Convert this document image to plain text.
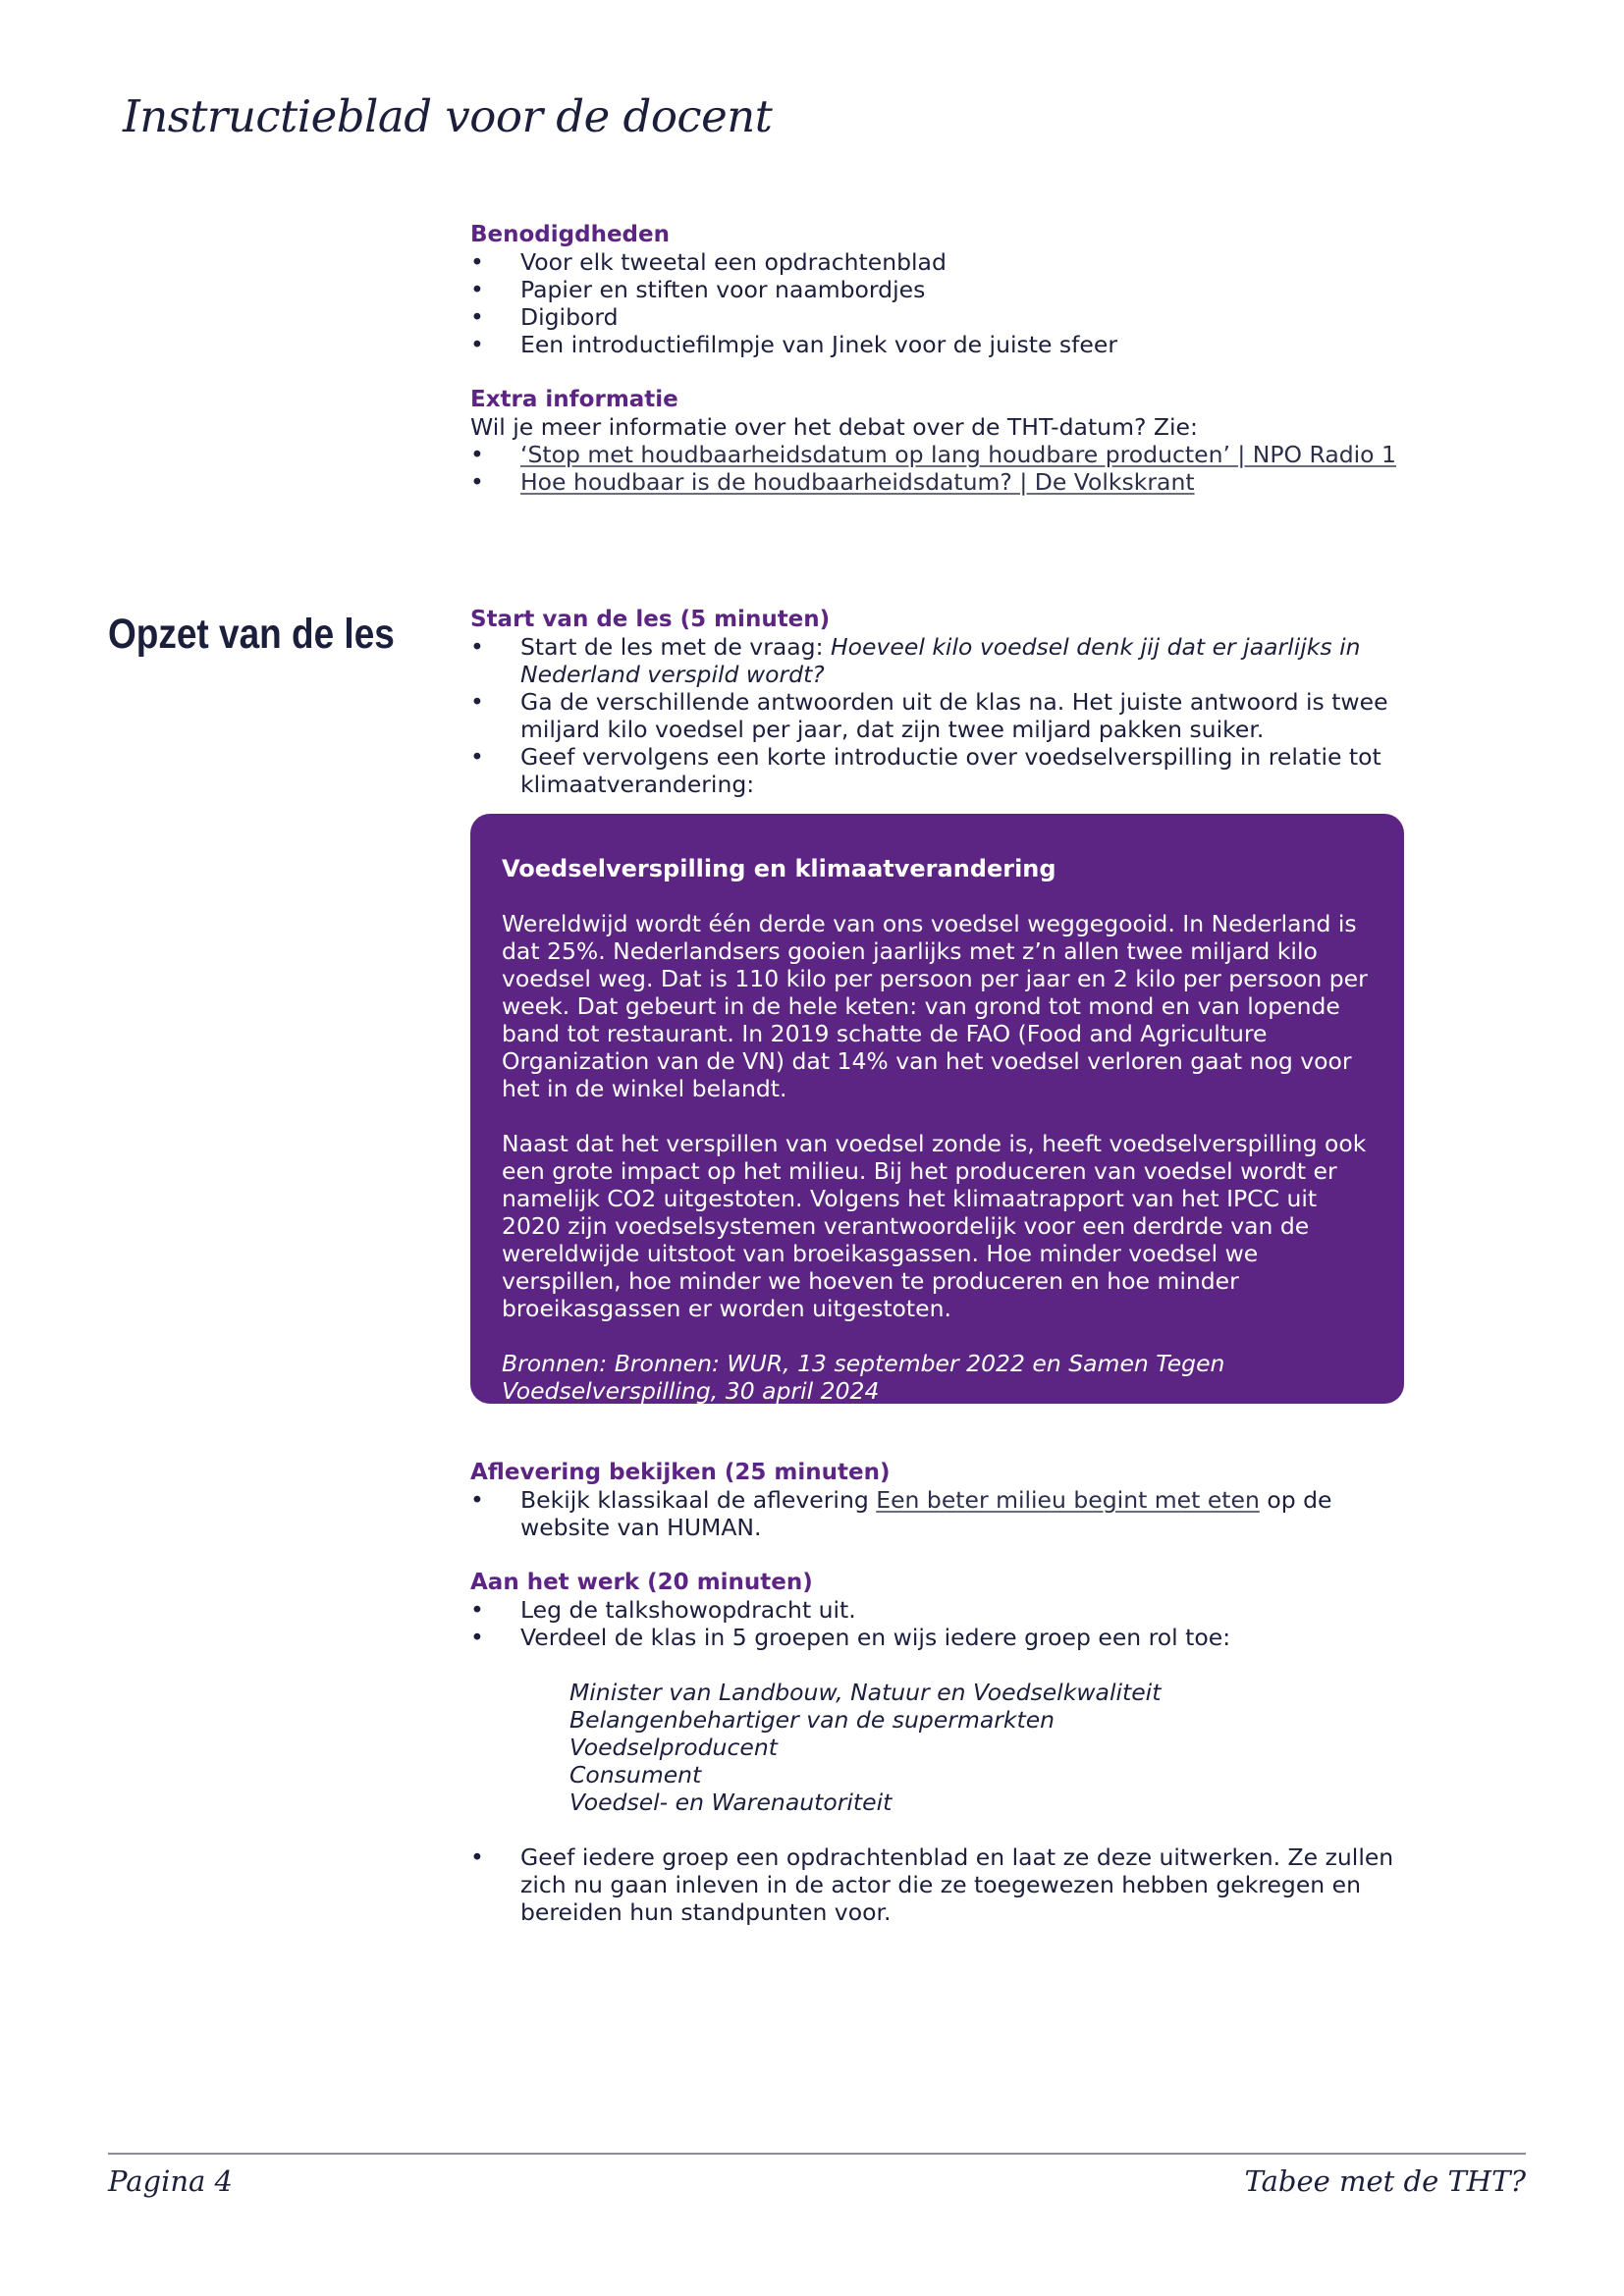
Instructieblad voor de docent
Benodigdheden
• Voor elk tweetal een opdrachtenblad
• Papier en stiften voor naambordjes
• Digibord
• Een introductiefilmpje van Jinek voor de juiste sfeer
Extra informatie
Wil je meer informatie over het debat over de THT-datum? Zie:
• ‘Stop met houdbaarheidsdatum op lang houdbare producten’ | NPO Radio 1
• Hoe houdbaar is de houdbaarheidsdatum? | De Volkskrant
Opzet van de les	Start van de les (5 minuten)
• Start de les met de vraag: Hoeveel kilo voedsel denk jij dat er jaarlijks in Nederland verspild wordt?
• Ga de verschillende antwoorden uit de klas na. Het juiste antwoord is twee miljard kilo voedsel per jaar, dat zijn twee miljard pakken suiker.
• Geef vervolgens een korte introductie over voedselverspilling in relatie tot klimaatverandering:
Voedselverspilling en klimaatverandering

Wereldwijd wordt één derde van ons voedsel weggegooid. In Nederland is dat 25%. Nederlandsers gooien jaarlijks met z’n allen twee miljard kilo voedsel weg. Dat is 110 kilo per persoon per jaar en 2 kilo per persoon per week. Dat gebeurt in de hele keten: van grond tot mond en van lopende band tot restaurant. In 2019 schatte de FAO (Food and Agriculture Organization van de VN) dat 14% van het voedsel verloren gaat nog voor het in de winkel belandt.

Naast dat het verspillen van voedsel zonde is, heeft voedselverspilling ook een grote impact op het milieu. Bij het produceren van voedsel wordt er namelijk CO2 uitgestoten. Volgens het klimaatrapport van het IPCC uit 2020 zijn voedselsystemen verantwoordelijk voor een derdrde van de wereldwijde uitstoot van broeikasgassen. Hoe minder voedsel we verspillen, hoe minder we hoeven te produceren en hoe minder broeikasgassen er worden uitgestoten.

Bronnen: Bronnen: WUR, 13 september 2022 en Samen Tegen Voedselverspilling, 30 april 2024

Aflevering bekijken (25 minuten)
• Bekijk klassikaal de aflevering Een beter milieu begint met eten op de website van HUMAN.
Aan het werk (20 minuten)
• Leg de talkshowopdracht uit.
• Verdeel de klas in 5 groepen en wijs iedere groep een rol toe:
Minister van Landbouw, Natuur en Voedselkwaliteit
Belangenbehartiger van de supermarkten
Voedselproducent
Consument
Voedsel- en Warenautoriteit
• Geef iedere groep een opdrachtenblad en laat ze deze uitwerken. Ze zullen zich nu gaan inleven in de actor die ze toegewezen hebben gekregen en bereiden hun standpunten voor.
Pagina 4	Tabee met de THT?
